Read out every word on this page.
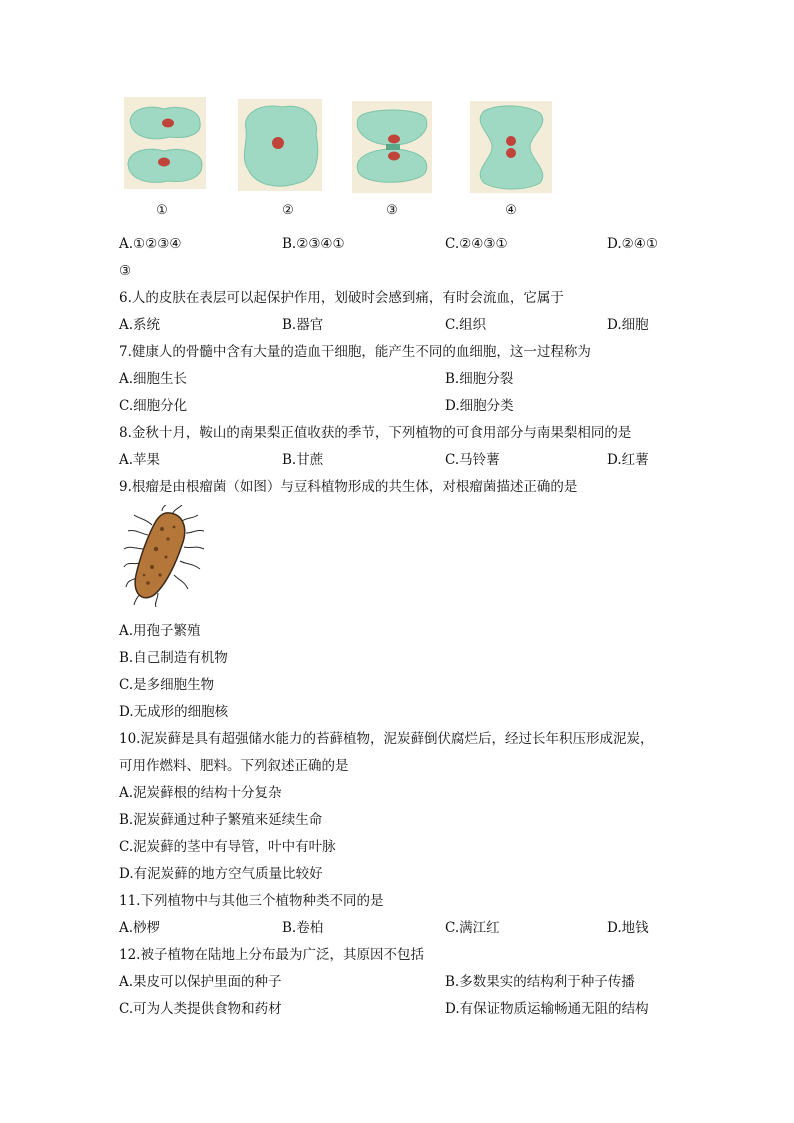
①	②	③	④
A.①②③④	B.②③④①	C.②④③①	D.②④①
③
6.人的皮肤在表层可以起保护作用，划破时会感到痛，有时会流血，它属于
A.系统	B.器官	C.组织	D.细胞
7.健康人的骨髓中含有大量的造血干细胞，能产生不同的血细胞，这一过程称为
A.细胞生长	B.细胞分裂
C.细胞分化	D.细胞分类
8.金秋十月，鞍山的南果梨正值收获的季节，下列植物的可食用部分与南果梨相同的是
A.苹果	B.甘蔗	C.马铃薯	D.红薯
9.根瘤是由根瘤菌（如图）与豆科植物形成的共生体，对根瘤菌描述正确的是
A.用孢子繁殖
B.自己制造有机物
C.是多细胞生物
D.无成形的细胞核
10.泥炭藓是具有超强储水能力的苔藓植物，泥炭藓倒伏腐烂后，经过长年积压形成泥炭，
可用作燃料、肥料。下列叙述正确的是
A.泥炭藓根的结构十分复杂
B.泥炭藓通过种子繁殖来延续生命
C.泥炭藓的茎中有导管，叶中有叶脉
D.有泥炭藓的地方空气质量比较好
11.下列植物中与其他三个植物种类不同的是
A.桫椤	B.卷柏	C.满江红	D.地钱
12.被子植物在陆地上分布最为广泛，其原因不包括
A.果皮可以保护里面的种子	B.多数果实的结构利于种子传播
C.可为人类提供食物和药材	D.有保证物质运输畅通无阻的结构
